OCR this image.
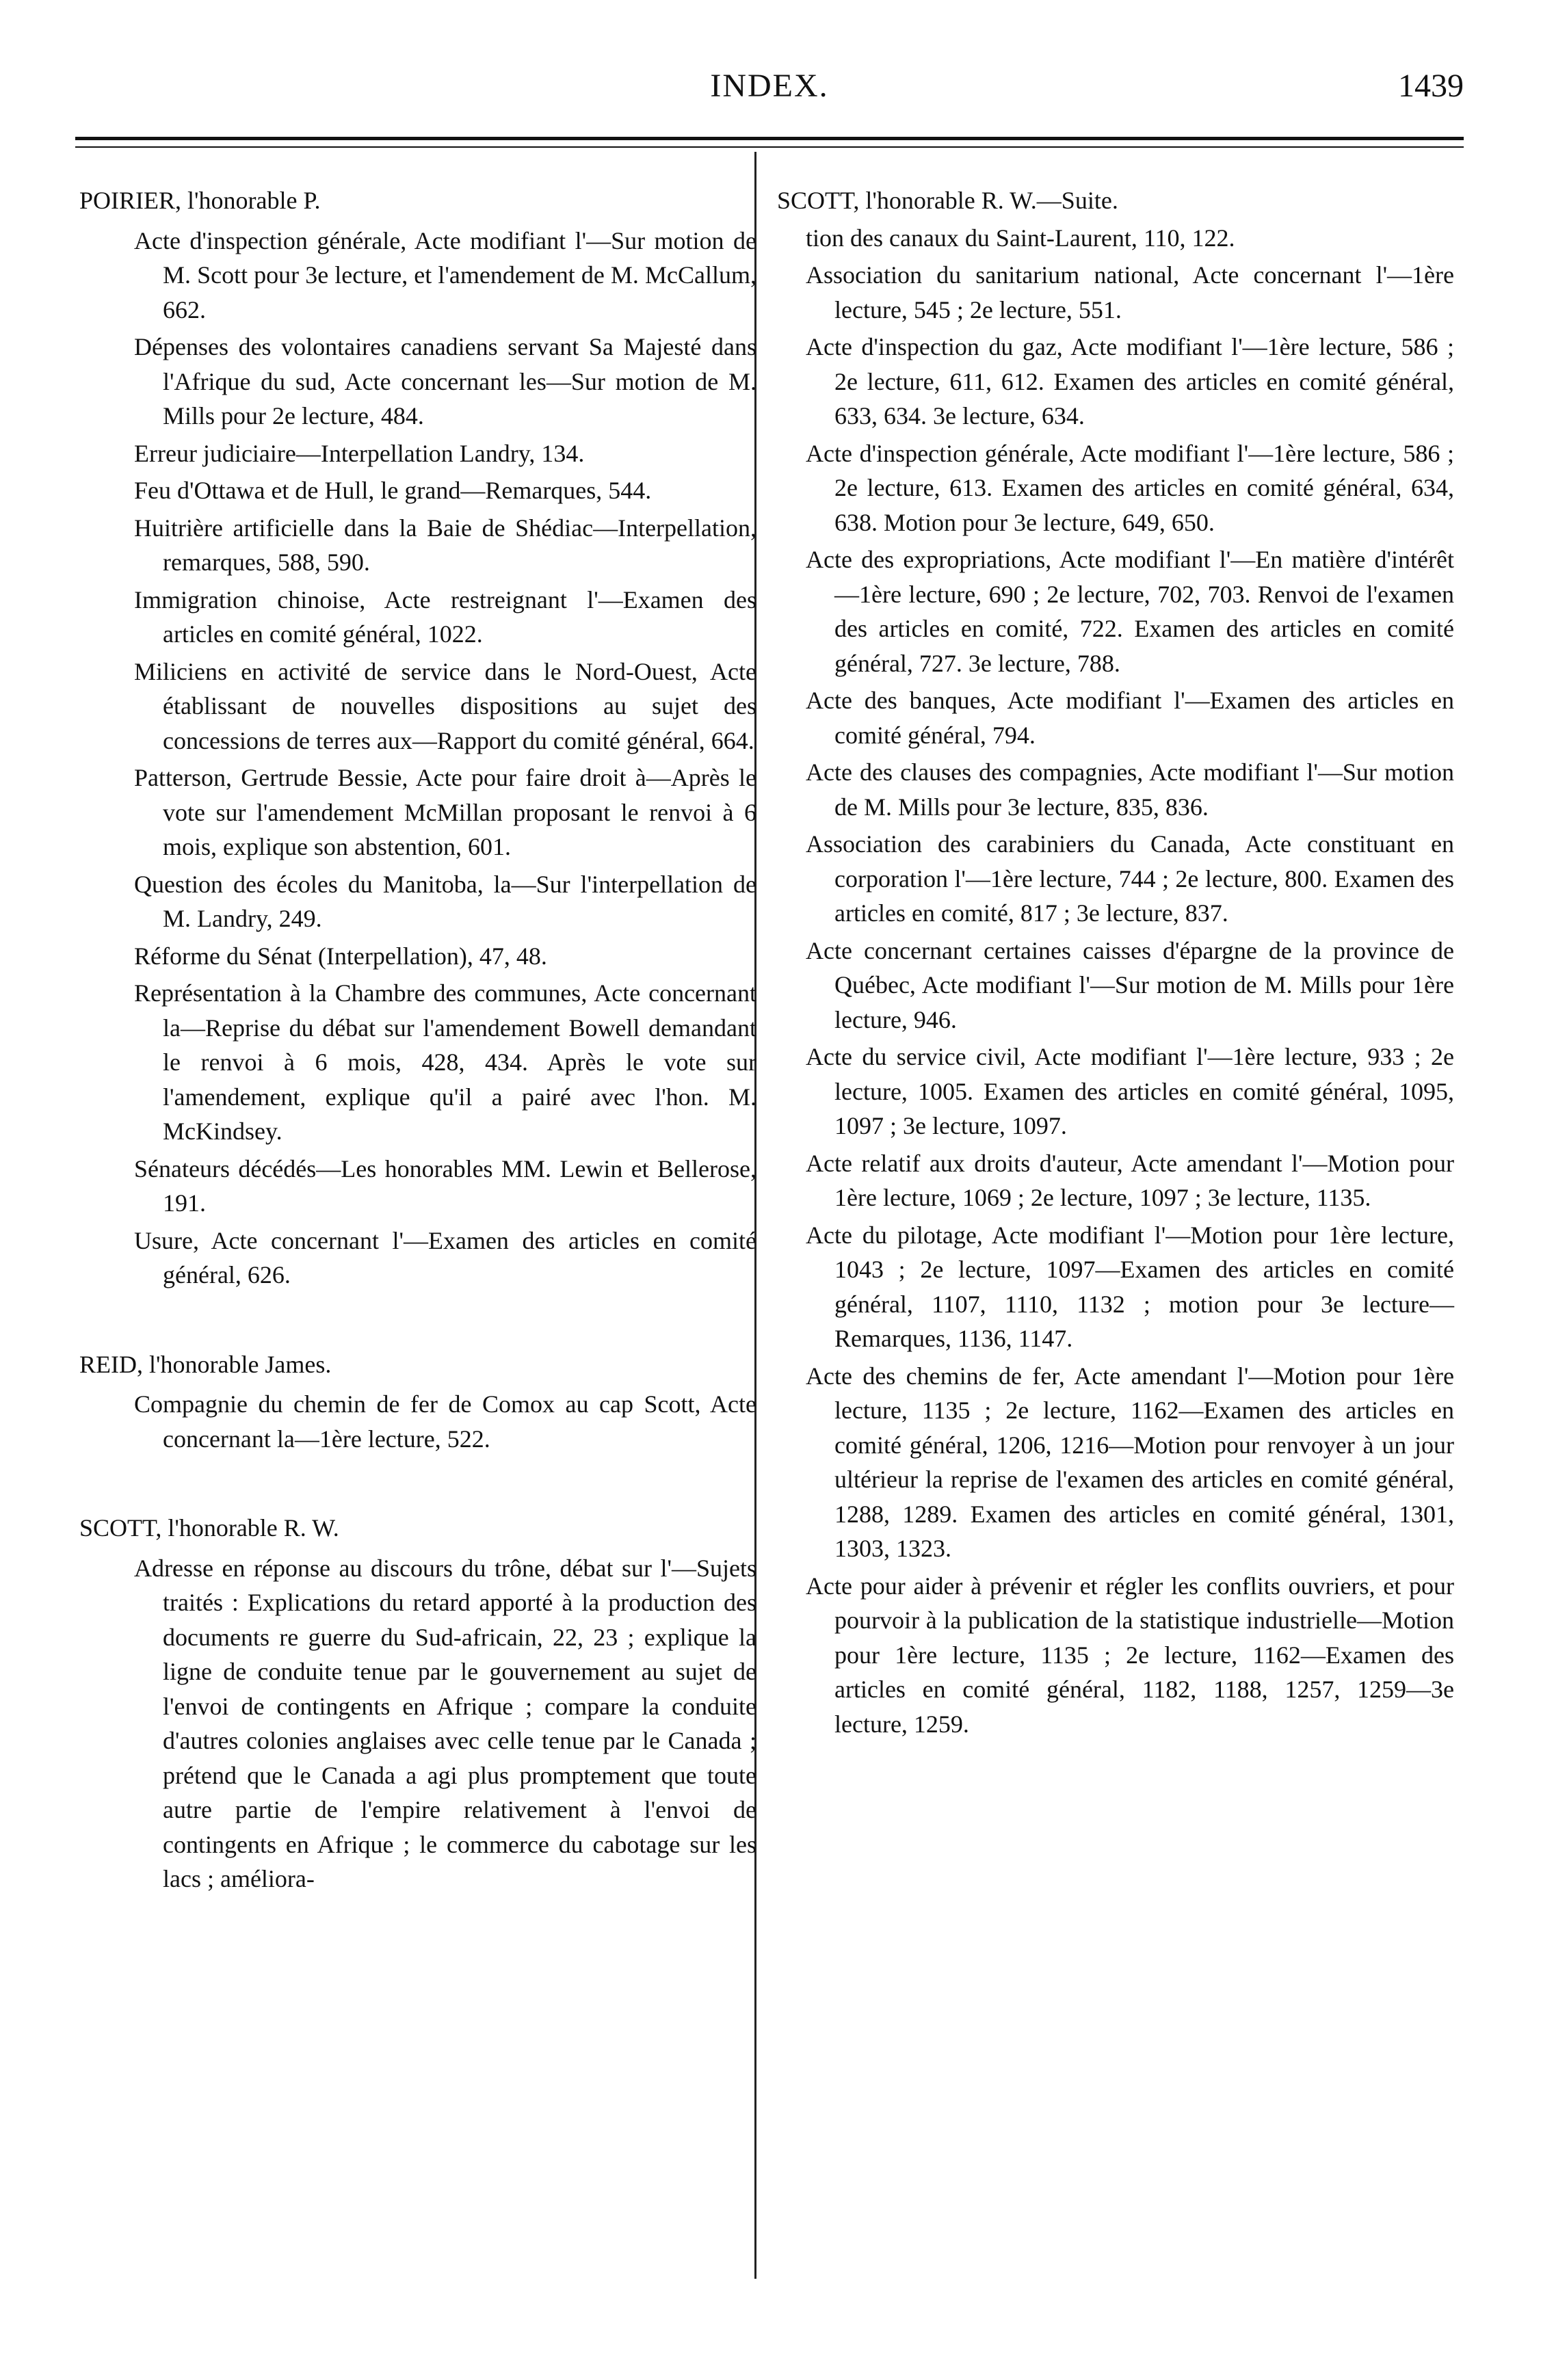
INDEX.	1439
POIRIER, l'honorable P.

Acte d'inspection générale, Acte modifiant l'—Sur motion de M. Scott pour 3e lecture, et l'amendement de M. McCallum, 662.

Dépenses des volontaires canadiens servant Sa Majesté dans l'Afrique du sud, Acte concernant les—Sur motion de M. Mills pour 2e lecture, 484.

Erreur judiciaire—Interpellation Landry, 134.

Feu d'Ottawa et de Hull, le grand—Remarques, 544.

Huitrière artificielle dans la Baie de Shédiac—Interpellation, remarques, 588, 590.

Immigration chinoise, Acte restreignant l'—Examen des articles en comité général, 1022.

Miliciens en activité de service dans le Nord-Ouest, Acte établissant de nouvelles dispositions au sujet des concessions de terres aux—Rapport du comité général, 664.

Patterson, Gertrude Bessie, Acte pour faire droit à—Après le vote sur l'amendement McMillan proposant le renvoi à 6 mois, explique son abstention, 601.

Question des écoles du Manitoba, la—Sur l'interpellation de M. Landry, 249.

Réforme du Sénat (Interpellation), 47, 48.

Représentation à la Chambre des communes, Acte concernant la—Reprise du débat sur l'amendement Bowell demandant le renvoi à 6 mois, 428, 434. Après le vote sur l'amendement, explique qu'il a pairé avec l'hon. M. McKindsey.

Sénateurs décédés—Les honorables MM. Lewin et Bellerose, 191.

Usure, Acte concernant l'—Examen des articles en comité général, 626.

REID, l'honorable James.

Compagnie du chemin de fer de Comox au cap Scott, Acte concernant la—1ère lecture, 522.

SCOTT, l'honorable R. W.

Adresse en réponse au discours du trône, débat sur l'—Sujets traités : Explications du retard apporté à la production des documents re guerre du Sud-africain, 22, 23 ; explique la ligne de conduite tenue par le gouvernement au sujet de l'envoi de contingents en Afrique ; compare la conduite d'autres colonies anglaises avec celle tenue par le Canada ; prétend que le Canada a agi plus promptement que toute autre partie de l'empire relativement à l'envoi de contingents en Afrique ; le commerce du cabotage sur les lacs ; améliora-

SCOTT, l'honorable R. W.—Suite.

tion des canaux du Saint-Laurent, 110, 122.

Association du sanitarium national, Acte concernant l'—1ère lecture, 545 ; 2e lecture, 551.

Acte d'inspection du gaz, Acte modifiant l'—1ère lecture, 586 ; 2e lecture, 611, 612. Examen des articles en comité général, 633, 634. 3e lecture, 634.

Acte d'inspection générale, Acte modifiant l'—1ère lecture, 586 ; 2e lecture, 613. Examen des articles en comité général, 634, 638. Motion pour 3e lecture, 649, 650.

Acte des expropriations, Acte modifiant l'—En matière d'intérêt—1ère lecture, 690 ; 2e lecture, 702, 703. Renvoi de l'examen des articles en comité, 722. Examen des articles en comité général, 727. 3e lecture, 788.

Acte des banques, Acte modifiant l'—Examen des articles en comité général, 794.

Acte des clauses des compagnies, Acte modifiant l'—Sur motion de M. Mills pour 3e lecture, 835, 836.

Association des carabiniers du Canada, Acte constituant en corporation l'—1ère lecture, 744 ; 2e lecture, 800. Examen des articles en comité, 817 ; 3e lecture, 837.

Acte concernant certaines caisses d'épargne de la province de Québec, Acte modifiant l'—Sur motion de M. Mills pour 1ère lecture, 946.

Acte du service civil, Acte modifiant l'—1ère lecture, 933 ; 2e lecture, 1005. Examen des articles en comité général, 1095, 1097 ; 3e lecture, 1097.

Acte relatif aux droits d'auteur, Acte amendant l'—Motion pour 1ère lecture, 1069 ; 2e lecture, 1097 ; 3e lecture, 1135.

Acte du pilotage, Acte modifiant l'—Motion pour 1ère lecture, 1043 ; 2e lecture, 1097—Examen des articles en comité général, 1107, 1110, 1132 ; motion pour 3e lecture—Remarques, 1136, 1147.

Acte des chemins de fer, Acte amendant l'—Motion pour 1ère lecture, 1135 ; 2e lecture, 1162—Examen des articles en comité général, 1206, 1216—Motion pour renvoyer à un jour ultérieur la reprise de l'examen des articles en comité général, 1288, 1289. Examen des articles en comité général, 1301, 1303, 1323.

Acte pour aider à prévenir et régler les conflits ouvriers, et pour pourvoir à la publication de la statistique industrielle—Motion pour 1ère lecture, 1135 ; 2e lecture, 1162—Examen des articles en comité général, 1182, 1188, 1257, 1259—3e lecture, 1259.
